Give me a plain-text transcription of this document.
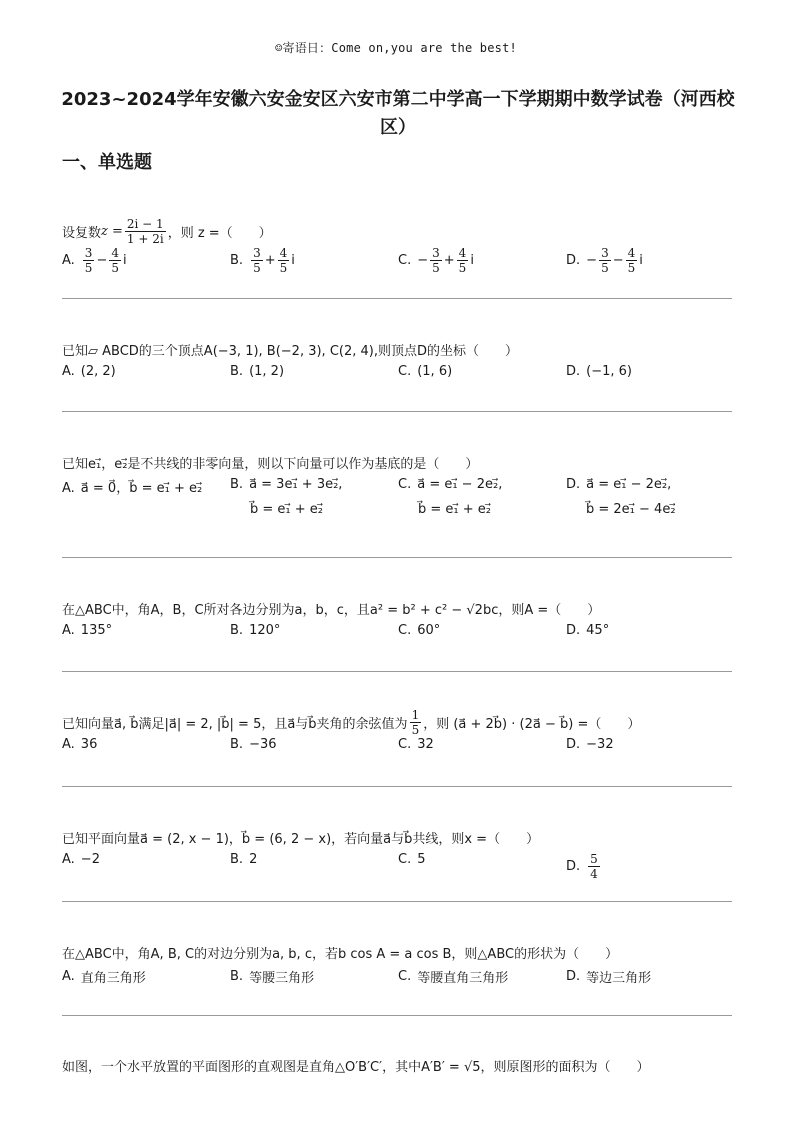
☺寄语日：Come on,you are the best!
2023~2024学年安徽六安金安区六安市第二中学高一下学期期中数学试卷（河西校区）
一、单选题
设复数 $z = \frac{2i - 1}{1 + 2i}$ ，则 z =（　　）
A. $\frac{3}{5} - \frac{4}{5}$ i	B. $\frac{3}{5} + \frac{4}{5}$ i	C. − $\frac{3}{5} + \frac{4}{5}$ i	D. − $\frac{3}{5} - \frac{4}{5}$ i
已知▱ ABCD的三个顶点A(−3, 1), B(−2, 3), C(2, 4),则顶点D的坐标（　　）
A. (2, 2)	B. (1, 2)	C. (1, 6)	D. (−1, 6)
已知e₁⃗，e₂⃗是不共线的非零向量，则以下向量可以作为基底的是（　　）
A. a⃗ = 0⃗，b⃗ = e₁⃗ + e₂⃗ B. a⃗ = 3e₁⃗ + 3e₂⃗,
b⃗ = e₁⃗ + e₂⃗
C. a⃗ = e₁⃗ − 2e₂⃗,
b⃗ = e₁⃗ + e₂⃗
D. a⃗ = e₁⃗ − 2e₂⃗,
b⃗ = 2e₁⃗ − 4e₂⃗
在△ABC中，角A，B，C所对各边分别为a，b，c，且a² = b² + c² − √2bc，则A =（　　）
A. 135°	B. 120°	C. 60°	D. 45°
已知向量a⃗, b⃗满足|a⃗| = 2, |b⃗| = 5，且a⃗与b⃗夹角的余弦值为 $\frac{1}{5}$ ，则 (a⃗ + 2b⃗) · (2a⃗ − b⃗) =（　　）
A. 36	B. −36	C. 32	D. −32
已知平面向量a⃗ = (2, x − 1)，b⃗ = (6, 2 − x)，若向量a⃗与b⃗共线，则x =（　　）
A. −2	B. 2	C. 5	D. $\frac{5}{4}$
在△ABC中，角A, B, C的对边分别为a, b, c，若b cos A = a cos B，则△ABC的形状为（　　）
A. 直角三角形	B. 等腰三角形	C. 等腰直角三角形	D. 等边三角形
如图，一个水平放置的平面图形的直观图是直角△O′B′C′，其中A′B′ = √5，则原图形的面积为（　　）
